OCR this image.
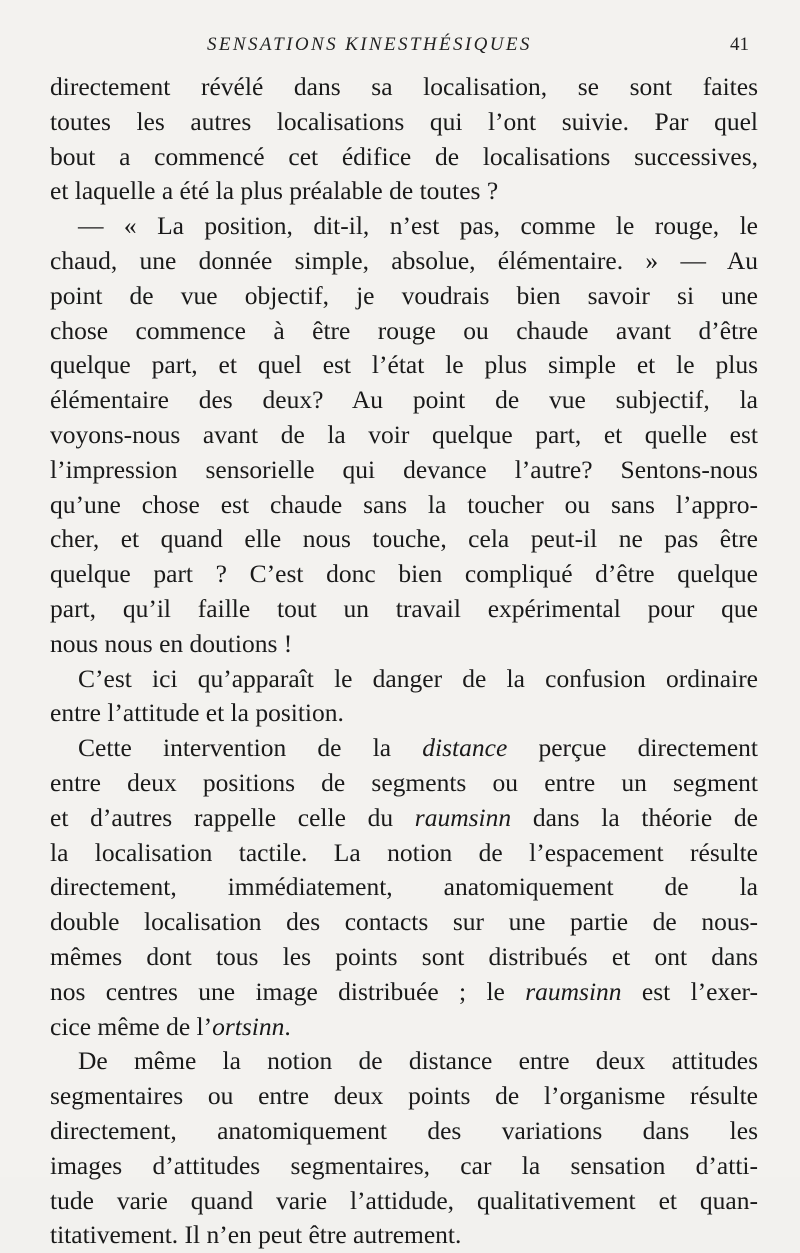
SENSATIONS KINESTHÉSIQUES	41
directement révélé dans sa localisation, se sont faites
toutes les autres localisations qui l’ont suivie. Par quel
bout a commencé cet édifice de localisations successives,
et laquelle a été la plus préalable de toutes ?
— « La position, dit-il, n’est pas, comme le rouge, le
chaud, une donnée simple, absolue, élémentaire. » — Au
point de vue objectif, je voudrais bien savoir si une
chose commence à être rouge ou chaude avant d’être
quelque part, et quel est l’état le plus simple et le plus
élémentaire des deux? Au point de vue subjectif, la
voyons-nous avant de la voir quelque part, et quelle est
l’impression sensorielle qui devance l’autre? Sentons-nous
qu’une chose est chaude sans la toucher ou sans l’appro-
cher, et quand elle nous touche, cela peut-il ne pas être
quelque part ? C’est donc bien compliqué d’être quelque
part, qu’il faille tout un travail expérimental pour que
nous nous en doutions !
C’est ici qu’apparaît le danger de la confusion ordinaire
entre l’attitude et la position.
Cette intervention de la distance perçue directement
entre deux positions de segments ou entre un segment
et d’autres rappelle celle du raumsinn dans la théorie de
la localisation tactile. La notion de l’espacement résulte
directement, immédiatement, anatomiquement de la
double localisation des contacts sur une partie de nous-
mêmes dont tous les points sont distribués et ont dans
nos centres une image distribuée ; le raumsinn est l’exer-
cice même de l’ortsinn.
De même la notion de distance entre deux attitudes
segmentaires ou entre deux points de l’organisme résulte
directement, anatomiquement des variations dans les
images d’attitudes segmentaires, car la sensation d’atti-
tude varie quand varie l’attidude, qualitativement et quan-
titativement. Il n’en peut être autrement.
